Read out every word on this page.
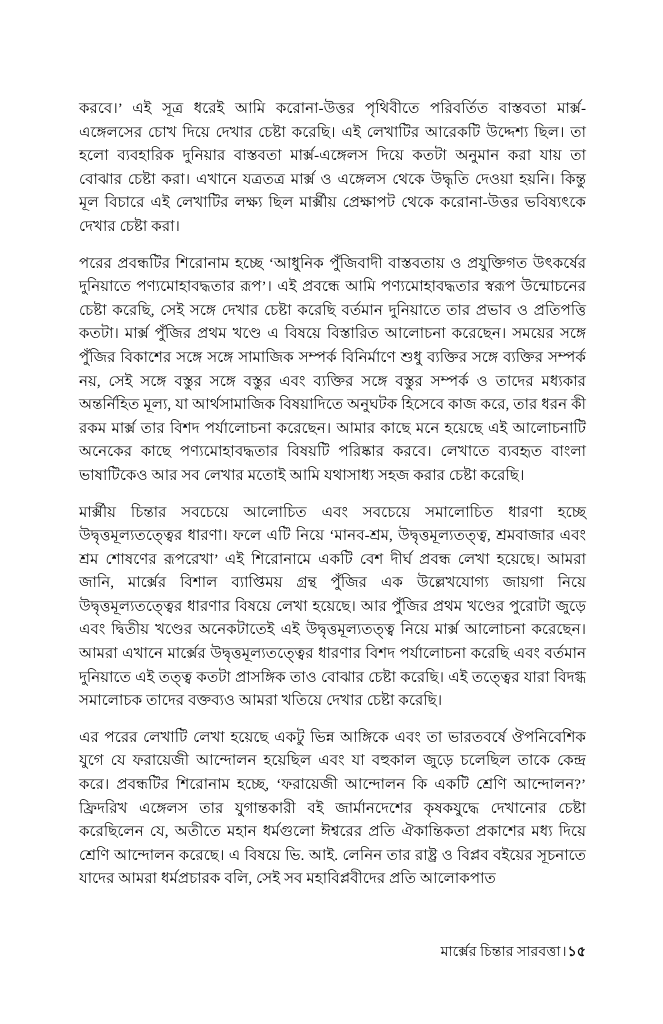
করবে।’ এই সূত্র ধরেই আমি করোনা-উত্তর পৃথিবীতে পরিবর্তিত বাস্তবতা মার্ক্স-এঙ্গেলসের চোখ দিয়ে দেখার চেষ্টা করেছি। এই লেখাটির আরেকটি উদ্দেশ্য ছিল। তা হলো ব্যবহারিক দুনিয়ার বাস্তবতা মার্ক্স-এঙ্গেলস দিয়ে কতটা অনুমান করা যায় তা বোঝার চেষ্টা করা। এখানে যত্রতত্র মার্ক্স ও এঙ্গেলস থেকে উদ্ধৃতি দেওয়া হয়নি। কিন্তু মূল বিচারে এই লেখাটির লক্ষ্য ছিল মার্ক্সীয় প্রেক্ষাপট থেকে করোনা-উত্তর ভবিষ্যৎকে দেখার চেষ্টা করা।

পরের প্রবন্ধটির শিরোনাম হচ্ছে ‘আধুনিক পুঁজিবাদী বাস্তবতায় ও প্রযুক্তিগত উৎকর্ষের দুনিয়াতে পণ্যমোহাবদ্ধতার রূপ’। এই প্রবন্ধে আমি পণ্যমোহাবদ্ধতার স্বরূপ উন্মোচনের চেষ্টা করেছি, সেই সঙ্গে দেখার চেষ্টা করেছি বর্তমান দুনিয়াতে তার প্রভাব ও প্রতিপত্তি কতটা। মার্ক্স পুঁজির প্রথম খণ্ডে এ বিষয়ে বিস্তারিত আলোচনা করেছেন। সময়ের সঙ্গে পুঁজির বিকাশের সঙ্গে সঙ্গে সামাজিক সম্পর্ক বিনির্মাণে শুধু ব্যক্তির সঙ্গে ব্যক্তির সম্পর্ক নয়, সেই সঙ্গে বস্তুর সঙ্গে বস্তুর এবং ব্যক্তির সঙ্গে বস্তুর সম্পর্ক ও তাদের মধ্যকার অন্তর্নিহিত মূল্য, যা আর্থসামাজিক বিষয়াদিতে অনুঘটক হিসেবে কাজ করে, তার ধরন কী রকম মার্ক্স তার বিশদ পর্যালোচনা করেছেন। আমার কাছে মনে হয়েছে এই আলোচনাটি অনেকের কাছে পণ্যমোহাবদ্ধতার বিষয়টি পরিষ্কার করবে। লেখাতে ব্যবহৃত বাংলা ভাষাটিকেও আর সব লেখার মতোই আমি যথাসাধ্য সহজ করার চেষ্টা করেছি।

মার্ক্সীয় চিন্তার সবচেয়ে আলোচিত এবং সবচেয়ে সমালোচিত ধারণা হচ্ছে উদ্বৃত্তমূল্যতত্ত্বের ধারণা। ফলে এটি নিয়ে ‘মানব-শ্রম, উদ্বৃত্তমূল্যতত্ত্ব, শ্রমবাজার এবং শ্রম শোষণের রূপরেখা’ এই শিরোনামে একটি বেশ দীর্ঘ প্রবন্ধ লেখা হয়েছে। আমরা জানি, মার্ক্সের বিশাল ব্যাপ্তিময় গ্রন্থ পুঁজির এক উল্লেখযোগ্য জায়গা নিয়ে উদ্বৃত্তমূল্যতত্ত্বের ধারণার বিষয়ে লেখা হয়েছে। আর পুঁজির প্রথম খণ্ডের পুরোটা জুড়ে এবং দ্বিতীয় খণ্ডের অনেকটাতেই এই উদ্বৃত্তমূল্যতত্ত্ব নিয়ে মার্ক্স আলোচনা করেছেন। আমরা এখানে মার্ক্সের উদ্বৃত্তমূল্যতত্ত্বের ধারণার বিশদ পর্যালোচনা করেছি এবং বর্তমান দুনিয়াতে এই তত্ত্ব কতটা প্রাসঙ্গিক তাও বোঝার চেষ্টা করেছি। এই তত্ত্বের যারা বিদগ্ধ সমালোচক তাদের বক্তব্যও আমরা খতিয়ে দেখার চেষ্টা করেছি।

এর পরের লেখাটি লেখা হয়েছে একটু ভিন্ন আঙ্গিকে এবং তা ভারতবর্ষে ঔপনিবেশিক যুগে যে ফরায়েজী আন্দোলন হয়েছিল এবং যা বহুকাল জুড়ে চলেছিল তাকে কেন্দ্র করে। প্রবন্ধটির শিরোনাম হচ্ছে, ‘ফরায়েজী আন্দোলন কি একটি শ্রেণি আন্দোলন?’ ফ্রিদরিখ এঙ্গেলস তার যুগান্তকারী বই জার্মানদেশের কৃষকযুদ্ধে দেখানোর চেষ্টা করেছিলেন যে, অতীতে মহান ধর্মগুলো ঈশ্বরের প্রতি ঐকান্তিকতা প্রকাশের মধ্য দিয়ে শ্রেণি আন্দোলন করেছে। এ বিষয়ে ভি. আই. লেনিন তার রাষ্ট্র ও বিপ্লব বইয়ের সূচনাতে যাদের আমরা ধর্মপ্রচারক বলি, সেই সব মহাবিপ্লবীদের প্রতি আলোকপাত

মার্ক্সের চিন্তার সারবত্তা । ১৫
